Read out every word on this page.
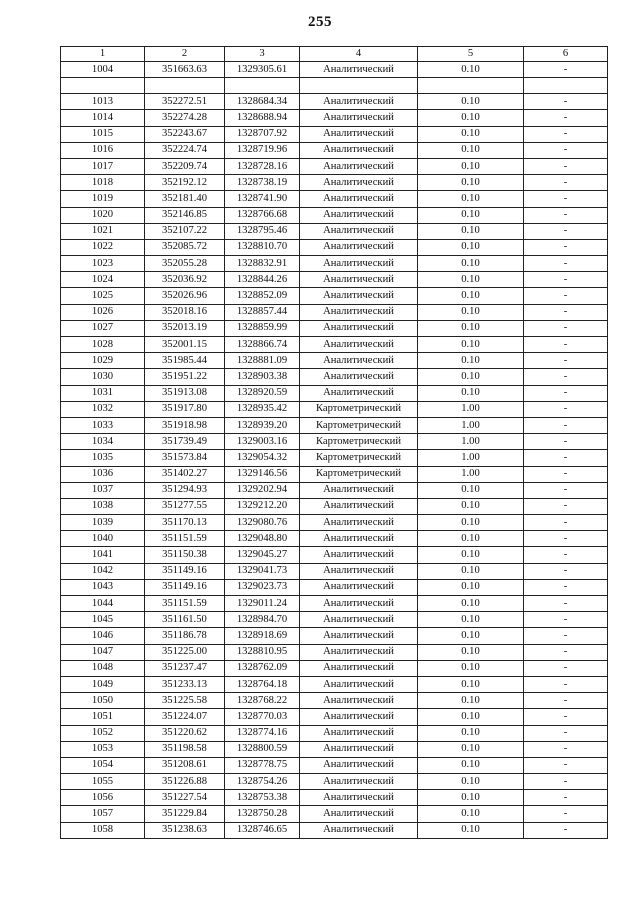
255
1	2	3	4	5	6
1004	351663.63	1329305.61	Аналитический	0.10	-

1013	352272.51	1328684.34	Аналитический	0.10	-
1014	352274.28	1328688.94	Аналитический	0.10	-
1015	352243.67	1328707.92	Аналитический	0.10	-
1016	352224.74	1328719.96	Аналитический	0.10	-
1017	352209.74	1328728.16	Аналитический	0.10	-
1018	352192.12	1328738.19	Аналитический	0.10	-
1019	352181.40	1328741.90	Аналитический	0.10	-
1020	352146.85	1328766.68	Аналитический	0.10	-
1021	352107.22	1328795.46	Аналитический	0.10	-
1022	352085.72	1328810.70	Аналитический	0.10	-
1023	352055.28	1328832.91	Аналитический	0.10	-
1024	352036.92	1328844.26	Аналитический	0.10	-
1025	352026.96	1328852.09	Аналитический	0.10	-
1026	352018.16	1328857.44	Аналитический	0.10	-
1027	352013.19	1328859.99	Аналитический	0.10	-
1028	352001.15	1328866.74	Аналитический	0.10	-
1029	351985.44	1328881.09	Аналитический	0.10	-
1030	351951.22	1328903.38	Аналитический	0.10	-
1031	351913.08	1328920.59	Аналитический	0.10	-
1032	351917.80	1328935.42	Картометрический	1.00	-
1033	351918.98	1328939.20	Картометрический	1.00	-
1034	351739.49	1329003.16	Картометрический	1.00	-
1035	351573.84	1329054.32	Картометрический	1.00	-
1036	351402.27	1329146.56	Картометрический	1.00	-
1037	351294.93	1329202.94	Аналитический	0.10	-
1038	351277.55	1329212.20	Аналитический	0.10	-
1039	351170.13	1329080.76	Аналитический	0.10	-
1040	351151.59	1329048.80	Аналитический	0.10	-
1041	351150.38	1329045.27	Аналитический	0.10	-
1042	351149.16	1329041.73	Аналитический	0.10	-
1043	351149.16	1329023.73	Аналитический	0.10	-
1044	351151.59	1329011.24	Аналитический	0.10	-
1045	351161.50	1328984.70	Аналитический	0.10	-
1046	351186.78	1328918.69	Аналитический	0.10	-
1047	351225.00	1328810.95	Аналитический	0.10	-
1048	351237.47	1328762.09	Аналитический	0.10	-
1049	351233.13	1328764.18	Аналитический	0.10	-
1050	351225.58	1328768.22	Аналитический	0.10	-
1051	351224.07	1328770.03	Аналитический	0.10	-
1052	351220.62	1328774.16	Аналитический	0.10	-
1053	351198.58	1328800.59	Аналитический	0.10	-
1054	351208.61	1328778.75	Аналитический	0.10	-
1055	351226.88	1328754.26	Аналитический	0.10	-
1056	351227.54	1328753.38	Аналитический	0.10	-
1057	351229.84	1328750.28	Аналитический	0.10	-
1058	351238.63	1328746.65	Аналитический	0.10	-
